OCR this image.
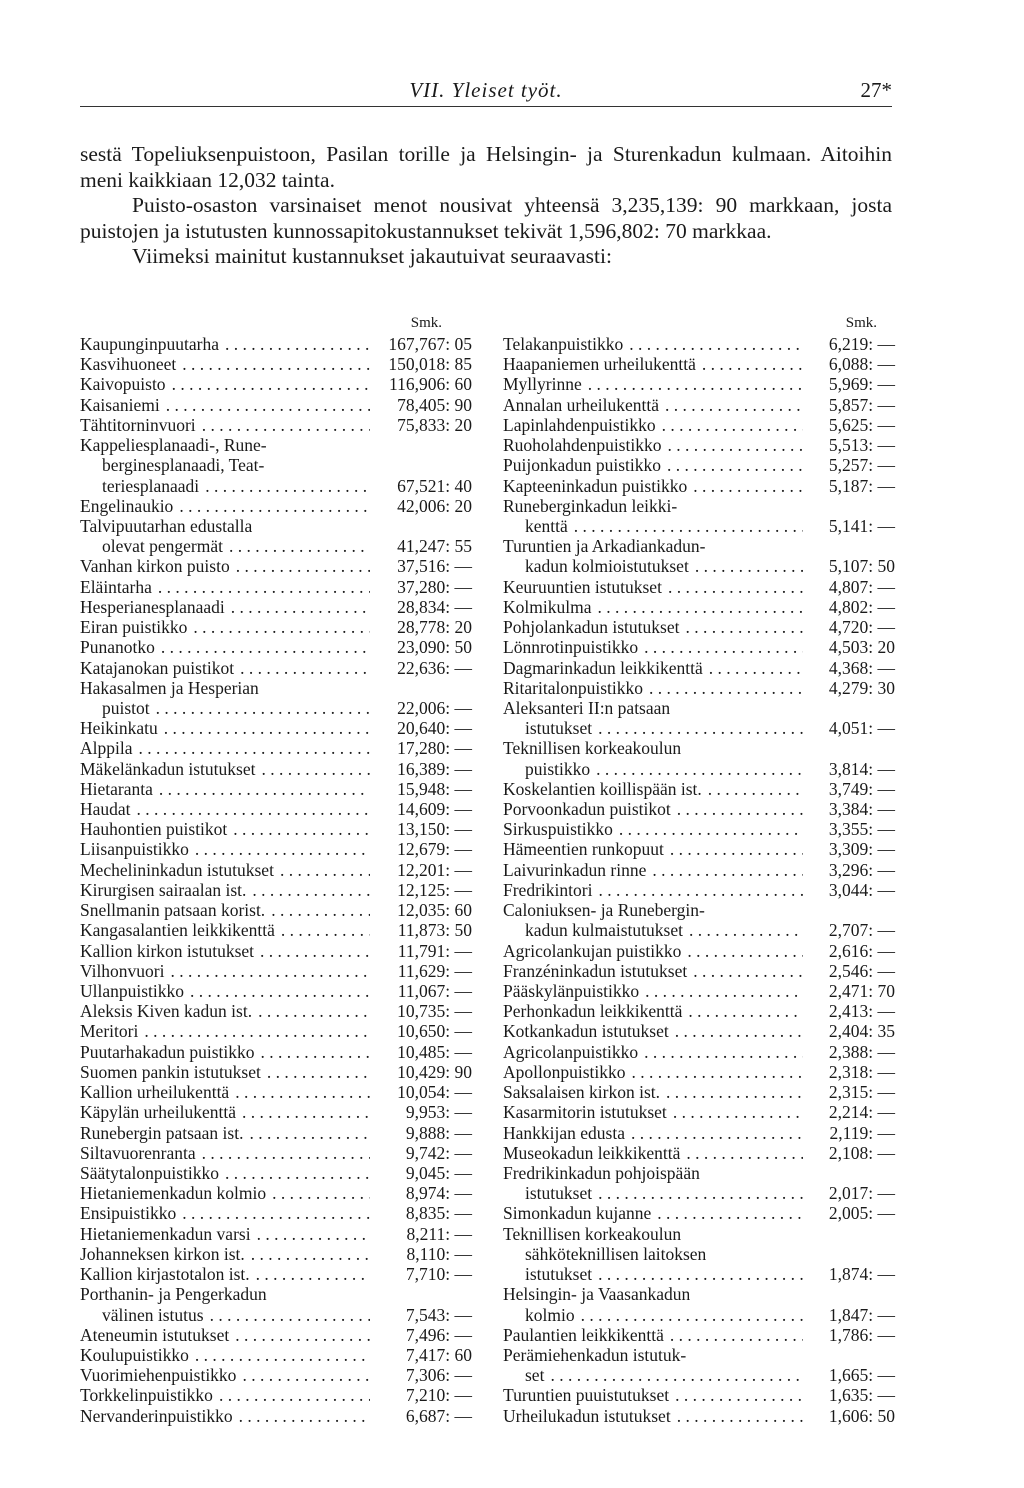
VII. Yleiset työt.	27*

sestä Topeliuksenpuistoon, Pasilan torille ja Helsingin- ja Sturenkadun kulmaan. Aitoihin meni kaikkiaan 12,032 tainta.

Puisto-osaston varsinaiset menot nousivat yhteensä 3,235,139: 90 markkaan, josta puistojen ja istutusten kunnossapitokustannukset tekivät 1,596,802: 70 markkaa.

Viimeksi mainitut kustannukset jakautuivat seuraavasti:

Smk.
Kaupunginpuutarha . . .	167,767: 05
Kasvihuoneet . . .	150,018: 85
Kaivopuisto . . .	116,906: 60
Kaisaniemi . . .	78,405: 90
Tähtitorninvuori . . .	75,833: 20
Kappeliesplanaadi-, Rune-
berginesplanaadi, Teat-
teriesplanaadi . . .	67,521: 40
Engelinaukio . . .	42,006: 20
Talvipuutarhan edustalla
olevat pengermät . . .	41,247: 55
Vanhan kirkon puisto . . .	37,516: —
Eläintarha . . .	37,280: —
Hesperianesplanaadi . . .	28,834: —
Eiran puistikko . . .	28,778: 20
Punanotko . . .	23,090: 50
Katajanokan puistikot . . .	22,636: —
Hakasalmen ja Hesperian
puistot . . .	22,006: —
Heikinkatu . . .	20,640: —
Alppila . . .	17,280: —
Mäkelänkadun istutukset . . .	16,389: —
Hietaranta . . .	15,948: —
Haudat . . .	14,609: —
Hauhontien puistikot . . .	13,150: —
Liisanpuistikko . . .	12,679: —
Mechelininkadun istutukset . . .	12,201: —
Kirurgisen sairaalan ist. . . .	12,125: —
Snellmanin patsaan korist. . . .	12,035: 60
Kangasalantien leikkikenttä . . .	11,873: 50
Kallion kirkon istutukset . . .	11,791: —
Vilhonvuori . . .	11,629: —
Ullanpuistikko . . .	11,067: —
Aleksis Kiven kadun ist. . . .	10,735: —
Meritori . . .	10,650: —
Puutarhakadun puistikko . . .	10,485: —
Suomen pankin istutukset . . .	10,429: 90
Kallion urheilukenttä . . .	10,054: —
Käpylän urheilukenttä . . .	9,953: —
Runebergin patsaan ist. . . .	9,888: —
Siltavuorenranta . . .	9,742: —
Säätytalonpuistikko . . .	9,045: —
Hietaniemenkadun kolmio . . .	8,974: —
Ensipuistikko . . .	8,835: —
Hietaniemenkadun varsi . . .	8,211: —
Johanneksen kirkon ist. . . .	8,110: —
Kallion kirjastotalon ist. . . .	7,710: —
Porthanin- ja Pengerkadun
välinen istutus . . .	7,543: —
Ateneumin istutukset . . .	7,496: —
Koulupuistikko . . .	7,417: 60
Vuorimiehenpuistikko . . .	7,306: —
Torkkelinpuistikko . . .	7,210: —
Nervanderinpuistikko . . .	6,687: —
Smk.
Telakanpuistikko . . .	6,219: —
Haapaniemen urheilukenttä . . .	6,088: —
Myllyrinne . . .	5,969: —
Annalan urheilukenttä . . .	5,857: —
Lapinlahdenpuistikko . . .	5,625: —
Ruoholahdenpuistikko . . .	5,513: —
Puijonkadun puistikko . . .	5,257: —
Kapteeninkadun puistikko . . .	5,187: —
Runeberginkadun leikki-
kenttä . . .	5,141: —
Turuntien ja Arkadiankadun-
kadun kolmioistutukset . . .	5,107: 50
Keuruuntien istutukset . . .	4,807: —
Kolmikulma . . .	4,802: —
Pohjolankadun istutukset . . .	4,720: —
Lönnrotinpuistikko . . .	4,503: 20
Dagmarinkadun leikkikenttä . . .	4,368: —
Ritaritalonpuistikko . . .	4,279: 30
Aleksanteri II:n patsaan
istutukset . . .	4,051: —
Teknillisen korkeakoulun
puistikko . . .	3,814: —
Koskelantien koillispään ist. . . .	3,749: —
Porvoonkadun puistikot . . .	3,384: —
Sirkuspuistikko . . .	3,355: —
Hämeentien runkopuut . . .	3,309: —
Laivurinkadun rinne . . .	3,296: —
Fredrikintori . . .	3,044: —
Caloniuksen- ja Runebergin-
kadun kulmaistutukset . . .	2,707: —
Agricolankujan puistikko . . .	2,616: —
Franzéninkadun istutukset . . .	2,546: —
Pääskylänpuistikko . . .	2,471: 70
Perhonkadun leikkikenttä . . .	2,413: —
Kotkankadun istutukset . . .	2,404: 35
Agricolanpuistikko . . .	2,388: —
Apollonpuistikko . . .	2,318: —
Saksalaisen kirkon ist. . . .	2,315: —
Kasarmitorin istutukset . . .	2,214: —
Hankkijan edusta . . .	2,119: —
Museokadun leikkikenttä . . .	2,108: —
Fredrikinkadun pohjoispään
istutukset . . .	2,017: —
Simonkadun kujanne . . .	2,005: —
Teknillisen korkeakoulun
sähköteknillisen laitoksen
istutukset . . .	1,874: —
Helsingin- ja Vaasankadun
kolmio . . .	1,847: —
Paulantien leikkikenttä . . .	1,786: —
Perämiehenkadun istutuk-
set . . .	1,665: —
Turuntien puuistutukset . . .	1,635: —
Urheilukadun istutukset . . .	1,606: 50
